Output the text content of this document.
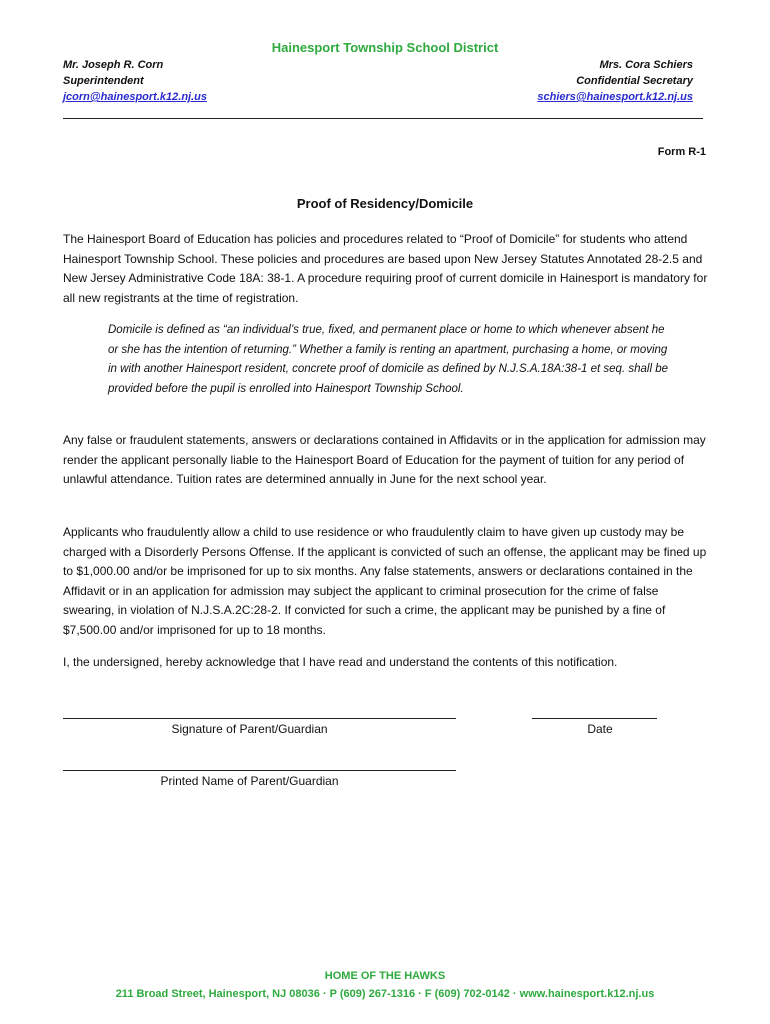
Hainesport Township School District
Mr. Joseph R. Corn
Superintendent
jcorn@hainesport.k12.nj.us
Mrs. Cora Schiers
Confidential Secretary
schiers@hainesport.k12.nj.us
Form R-1
Proof of Residency/Domicile

The Hainesport Board of Education has policies and procedures related to “Proof of Domicile” for students who attend Hainesport Township School. These policies and procedures are based upon New Jersey Statutes Annotated 28-2.5 and New Jersey Administrative Code 18A: 38-1. A procedure requiring proof of current domicile in Hainesport is mandatory for all new registrants at the time of registration.

Domicile is defined as “an individual’s true, fixed, and permanent place or home to which whenever absent he or she has the intention of returning.” Whether a family is renting an apartment, purchasing a home, or moving in with another Hainesport resident, concrete proof of domicile as defined by N.J.S.A.18A:38-1 et seq. shall be provided before the pupil is enrolled into Hainesport Township School.

Any false or fraudulent statements, answers or declarations contained in Affidavits or in the application for admission may render the applicant personally liable to the Hainesport Board of Education for the payment of tuition for any period of unlawful attendance. Tuition rates are determined annually in June for the next school year.

Applicants who fraudulently allow a child to use residence or who fraudulently claim to have given up custody may be charged with a Disorderly Persons Offense. If the applicant is convicted of such an offense, the applicant may be fined up to $1,000.00 and/or be imprisoned for up to six months. Any false statements, answers or declarations contained in the Affidavit or in an application for admission may subject the applicant to criminal prosecution for the crime of false swearing, in violation of N.J.S.A.2C:28-2. If convicted for such a crime, the applicant may be punished by a fine of $7,500.00 and/or imprisoned for up to 18 months.

I, the undersigned, hereby acknowledge that I have read and understand the contents of this notification.

Signature of Parent/Guardian	Date
Printed Name of Parent/Guardian
HOME OF THE HAWKS
211 Broad Street, Hainesport, NJ 08036 · P (609) 267-1316 · F (609) 702-0142 · www.hainesport.k12.nj.us
